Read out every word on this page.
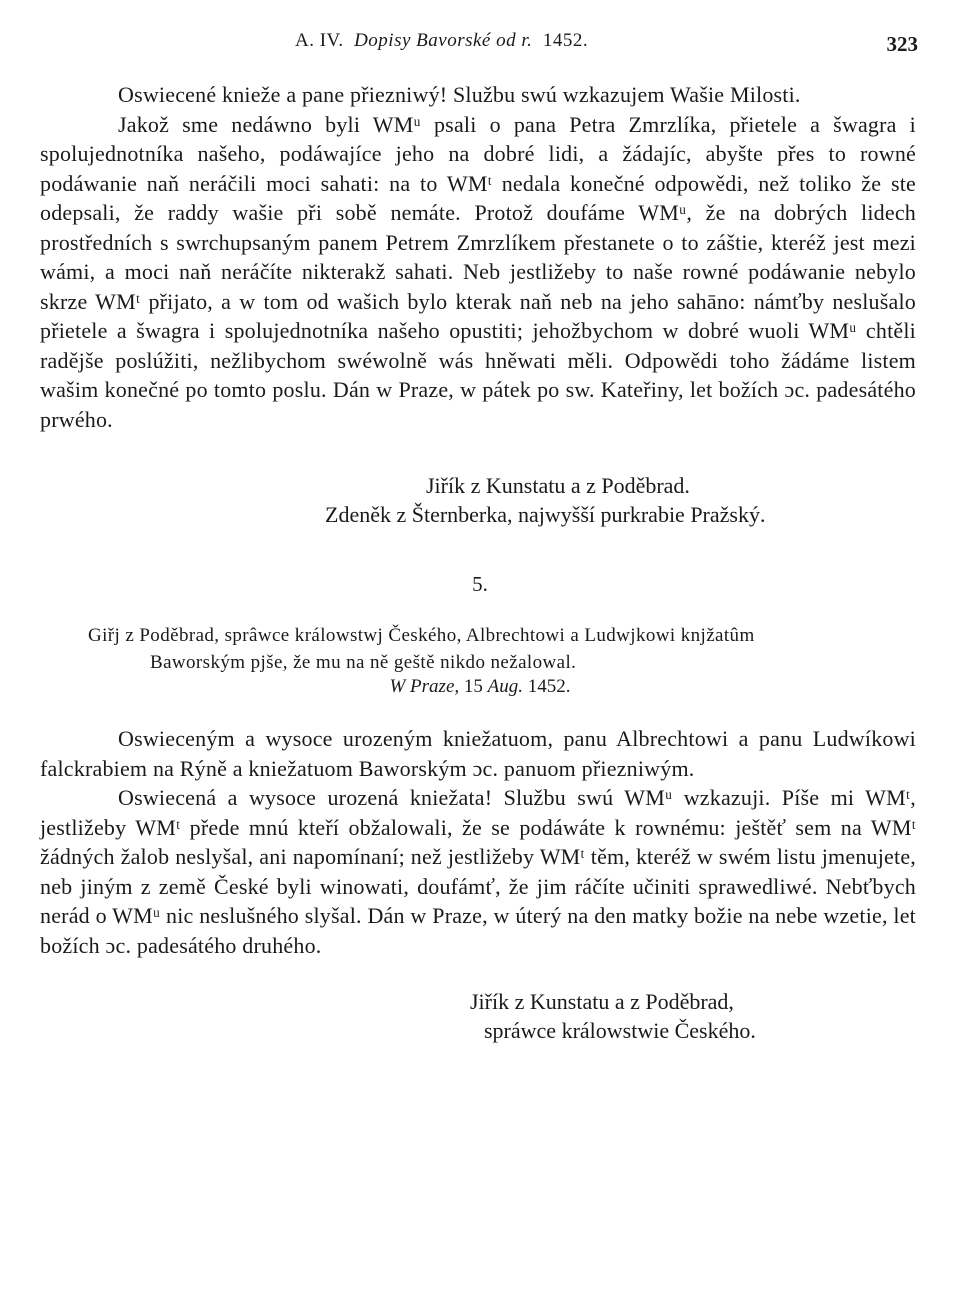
A. IV. Dopisy Bavorské od r. 1452.	323

Oswiecené knieže a pane přiezniwý! Službu swú wzkazujem Wašie Milosti.

Jakož sme nedáwno byli WMᵘ psali o pana Petra Zmrzlíka, přietele a šwagra i spolujednotníka našeho, podáwajíce jeho na dobré lidi, a žádajíc, abyšte přes to rowné podáwanie naň neráčili moci sahati: na to WMᵗ nedala konečné odpowědi, než toliko že ste odepsali, že raddy wašie při sobě nemáte. Protož doufáme WMᵘ, že na dobrých lidech prostředních s swrchupsaným panem Petrem Zmrzlíkem přestanete o to záštie, kteréž jest mezi wámi, a moci naň neráčíte nikterakž sahati. Neb jestližeby to naše rowné podáwanie nebylo skrze WMᵗ přijato, a w tom od wašich bylo kterak naň neb na jeho sahāno: námťby neslušalo přietele a šwagra i spolujednotníka našeho opustiti; jehožbychom w dobré wuoli WMᵘ chtěli radějše poslúžiti, nežlibychom swéwolně wás hněwati měli. Odpowědi toho žádáme listem wašim konečné po tomto poslu. Dán w Praze, w pátek po sw. Kateřiny, let božích ɔc. padesátého prwého.

Jiřík z Kunstatu a z Poděbrad.
Zdeněk z Šternberka, najwyšší purkrabie Pražský.
5.
Giřj z Poděbrad, sprâwce králowstwj Českého, Albrechtowi a Ludwjkowi knjžatûm
Baworským pjše, že mu na ně geště nikdo nežalowal.
W Praze, 15 Aug. 1452.

Oswieceným a wysoce urozeným kniežatuom, panu Albrechtowi a panu Ludwíkowi falckrabiem na Rýně a kniežatuom Baworským ɔc. panuom přiezniwým.

Oswiecená a wysoce urozená kniežata! Službu swú WMᵘ wzkazuji. Píše mi WMᵗ, jestližeby WMᵗ přede mnú kteří obžalowali, že se podáwáte k rownému: ještěť sem na WMᵗ žádných žalob neslyšal, ani napomínaní; než jestližeby WMᵗ těm, kteréž w swém listu jmenujete, neb jiným z země České byli winowati, doufámť, že jim ráčíte učiniti sprawedliwé. Nebťbych nerád o WMᵘ nic neslušného slyšal. Dán w Praze, w úterý na den matky božie na nebe wzetie, let božích ɔc. padesátého druhého.

Jiřík z Kunstatu a z Poděbrad,
spráwce králowstwie Českého.
